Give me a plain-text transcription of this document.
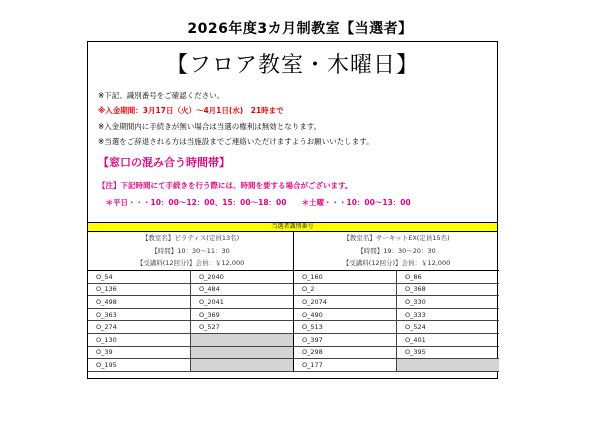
2026年度3カ月制教室【当選者】
【フロア教室・木曜日】
※下記、識別番号をご確認ください。
※入金期間：3月17日（火）～4月1日(水)　21時まで
※入金期間内に手続きが無い場合は当選の権利は無効となります。
※当選をご辞退される方は当施設までご連絡いただけますようお願いいたします。
【窓口の混み合う時間帯】
【注】下記時間にて手続きを行う際には、時間を要する場合がございます。
　＊平日・・・10：00～12：00、15：00～18：00　　＊土曜・・・10：00～13：00
当選者識別番号
【教室名】ピラティス(定員13名)
【時間】10：30～11：30
【受講料(12回分)】会員：￥12,000
O_54	O_2040
O_136	O_484
O_498	O_2041
O_363	O_369
O_274	O_527
O_130	
O_39	
O_195	
【教室名】サーキットEX(定員15名)
【時間】19：30～20：30
【受講料(12回分)】会員：￥12,000
O_160	O_86
O_2	O_368
O_2074	O_330
O_490	O_333
O_513	O_524
O_397	O_401
O_298	O_395
O_177	
